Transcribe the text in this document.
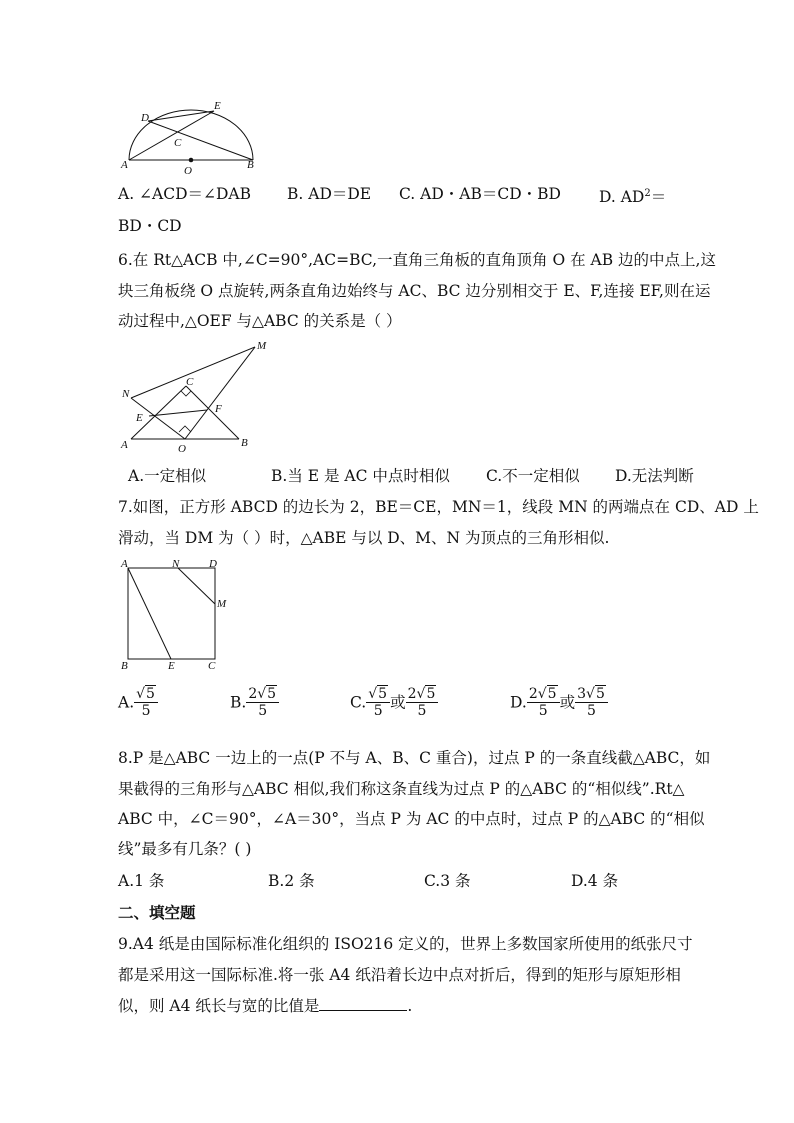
D
E
C
A	O	B
A. ∠ACD＝∠DAB B. AD＝DE C. AD・AB＝CD・BD D. $AD^2=$
BD・CD
6.在 Rt△ACB 中,∠C=90°,AC=BC,一直角三角板的直角顶角 O 在 AB 边的中点上,这
块三角板绕 O 点旋转,两条直角边始终与 AC、BC 边分别相交于 E、F,连接 EF,则在运
动过程中,△OEF 与△ABC 的关系是（ ）
M
C
N
E
F
A	O	B
A.一定相似	B.当 E 是 AC 中点时相似 C.不一定相似 D.无法判断
7.如图，正方形 ABCD 的边长为 2，BE＝CE，MN＝1，线段 MN 的两端点在 CD、AD 上
滑动，当 DM 为（ ）时，△ABE 与以 D、M、N 为顶点的三角形相似.
A	N	D
M
B	E	C
A. $\frac{√5}{5}$	B. $\frac{2√5}{5}$	C. $\frac{√5}{5}$ 或 $\frac{2√5}{5}$	D. $\frac{2√5}{5}$ 或 $\frac{3√5}{5}$
8.P 是△ABC 一边上的一点(P 不与 A、B、C 重合)，过点 P 的一条直线截△ABC，如
果截得的三角形与△ABC 相似,我们称这条直线为过点 P 的△ABC 的“相似线”.Rt△
ABC 中，∠C＝90°，∠A＝30°，当点 P 为 AC 的中点时，过点 P 的△ABC 的“相似
线”最多有几条？( )
A.1 条	B.2 条	C.3 条	D.4 条
二、填空题
9.A4 纸是由国际标准化组织的 ISO216 定义的，世界上多数国家所使用的纸张尺寸
都是采用这一国际标准.将一张 A4 纸沿着长边中点对折后，得到的矩形与原矩形相
似，则 A4 纸长与宽的比值是	.
